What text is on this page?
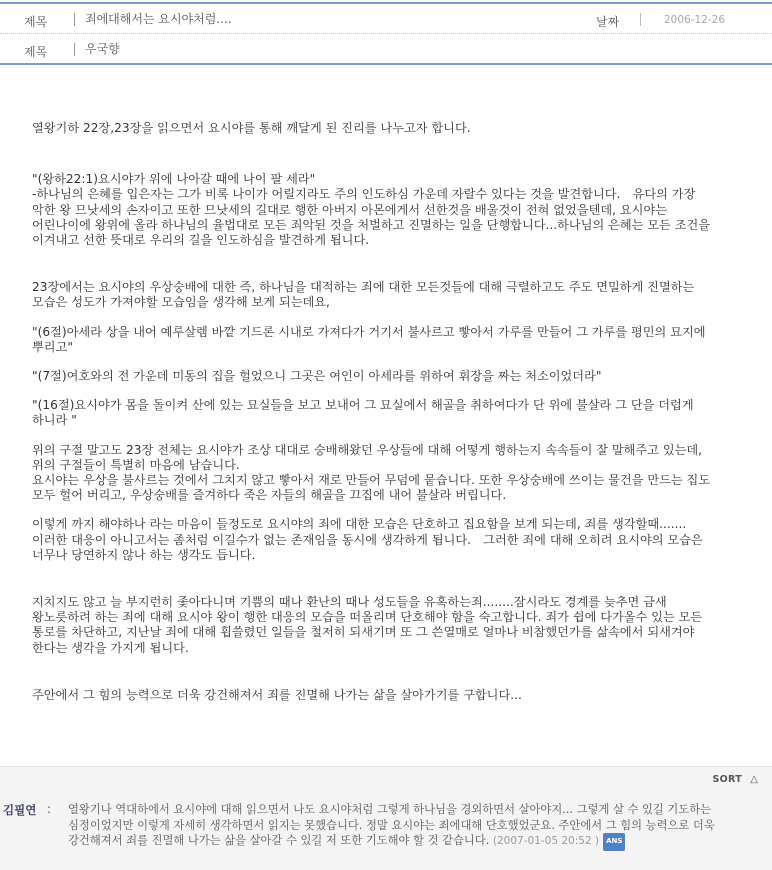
제목	죄에대해서는 요시야처럼....	날짜	2006-12-26
제목	우국향

열왕기하 22장,23장을 읽으면서 요시야를 통해 깨달게 된 진리를 나누고자 합니다.

"(왕하22:1)요시야가 위에 나아갈 때에 나이 팔 세라"

-하나님의 은혜를 입은자는 그가 비록 나이가 어릴지라도 주의 인도하심 가운데 자랄수 있다는 것을 발견합니다.　유다의 가장 악한 왕 므낫세의 손자이고 또한 므낫세의 길대로 행한 아버지 아몬에게서 선한것을 배울것이 전혀 없었을텐데, 요시야는 어린나이에 왕위에 올라 하나님의 율법대로 모든 죄악된 것을 처벌하고 진멸하는 일을 단행합니다...하나님의 은혜는 모든 조건을 이겨내고 선한 뜻대로 우리의 길을 인도하심을 발견하게 됩니다.

23장에서는 요시야의 우상숭배에 대한 즉, 하나님을 대적하는 죄에 대한 모든것들에 대해 극렬하고도 주도 면밀하게 진멸하는 모습은 성도가 가져야할 모습임을 생각해 보게 되는데요,

"(6절)아세라 상을 내어 예루살렘 바깥 기드론 시내로 가져다가 거기서 불사르고 빻아서 가루를 만들어 그 가루를 평민의 묘지에 뿌리고"

"(7절)여호와의 전 가운데 미동의 집을 헐었으니 그곳은 여인이 아세라를 위하여 휘장을 짜는 처소이었더라"

"(16절)요시야가 몸을 돌이켜 산에 있는 묘실들을 보고 보내어 그 묘실에서 해골을 취하여다가 단 위에 불살라 그 단을 더럽게 하니라 "

위의 구절 말고도 23장 전체는 요시야가 조상 대대로 숭배해왔던 우상들에 대해 어떻게 행하는지 속속들이 잘 말해주고 있는데, 위의 구절들이 특별히 마음에 남습니다.

요시야는 우상을 불사르는 것에서 그치지 않고 빻아서 재로 만들어 무덤에 뭍습니다. 또한 우상숭배에 쓰이는 물건을 만드는 집도 모두 헐어 버리고, 우상숭배를 즐겨하다 죽은 자들의 해골을 끄집에 내어 불살라 버립니다.

이렇게 까지 해야하나 라는 마음이 들정도로 요시야의 죄에 대한 모습은 단호하고 집요함을 보게 되는데, 죄를 생각할때....... 이러한 대응이 아니고서는 좀처럼 이길수가 없는 존재임을 동시에 생각하게 됩니다.　그러한 죄에 대해 오히려 요시야의 모습은 너무나 당연하지 않나 하는 생각도 듭니다.

지치지도 않고 늘 부지런히 좇아다니며 기쁨의 때나 환난의 때나 성도들을 유혹하는죄........잠시라도 경계를 늦추면 금새 왕노릇하려 하는 죄에 대해 요시야 왕이 행한 대응의 모습을 떠올리며 단호해야 함을 숙고합니다. 죄가 쉽에 다가올수 있는 모든 통로를 차단하고, 지난날 죄에 대해 휩쓸렸던 일들을 철저히 되새기며 또 그 쓴열매로 얼마나 비참했던가를 삶속에서 되새겨야 한다는 생각을 가지게 됩니다.

주안에서 그 힘의 능력으로 더욱 강건해져서 죄를 진멸해 나가는 삶을 살아가기를 구합니다...

SORT △
김필연 : 열왕기나 역대하에서 요시야에 대해 읽으면서 나도 요시야처럼 그렇게 하나님을 경외하면서 살아야지... 그렇게 살 수 있길 기도하는 심정이었지만 이렇게 자세히 생각하면서 읽지는 못했습니다. 정말 요시야는 죄에대해 단호했었군요. 주안에서 그 힘의 능력으로 더욱 강건해져서 죄를 진멸해 나가는 삶을 살아갈 수 있길 저 또한 기도해야 할 것 같습니다. (2007-01-05 20:52 ) ANS
